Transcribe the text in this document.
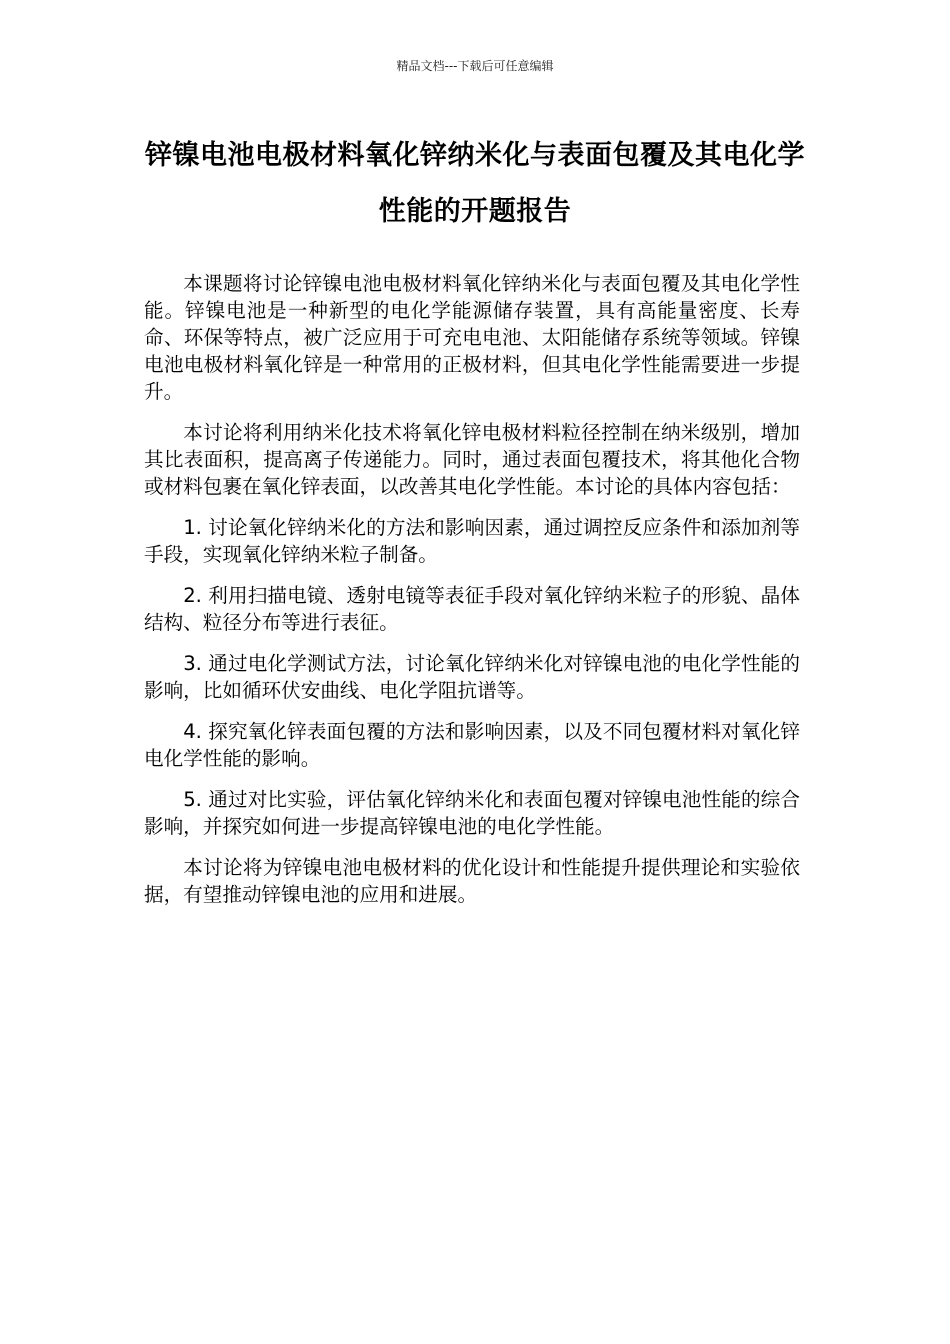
精品文档---下载后可任意编辑
锌镍电池电极材料氧化锌纳米化与表面包覆及其电化学性能的开题报告

本课题将讨论锌镍电池电极材料氧化锌纳米化与表面包覆及其电化学性能。锌镍电池是一种新型的电化学能源储存装置，具有高能量密度、长寿命、环保等特点，被广泛应用于可充电电池、太阳能储存系统等领域。锌镍电池电极材料氧化锌是一种常用的正极材料，但其电化学性能需要进一步提升。

本讨论将利用纳米化技术将氧化锌电极材料粒径控制在纳米级别，增加其比表面积，提高离子传递能力。同时，通过表面包覆技术，将其他化合物或材料包裹在氧化锌表面，以改善其电化学性能。本讨论的具体内容包括：

1. 讨论氧化锌纳米化的方法和影响因素，通过调控反应条件和添加剂等手段，实现氧化锌纳米粒子制备。

2. 利用扫描电镜、透射电镜等表征手段对氧化锌纳米粒子的形貌、晶体结构、粒径分布等进行表征。

3. 通过电化学测试方法，讨论氧化锌纳米化对锌镍电池的电化学性能的影响，比如循环伏安曲线、电化学阻抗谱等。

4. 探究氧化锌表面包覆的方法和影响因素，以及不同包覆材料对氧化锌电化学性能的影响。

5. 通过对比实验，评估氧化锌纳米化和表面包覆对锌镍电池性能的综合影响，并探究如何进一步提高锌镍电池的电化学性能。

本讨论将为锌镍电池电极材料的优化设计和性能提升提供理论和实验依据，有望推动锌镍电池的应用和进展。
